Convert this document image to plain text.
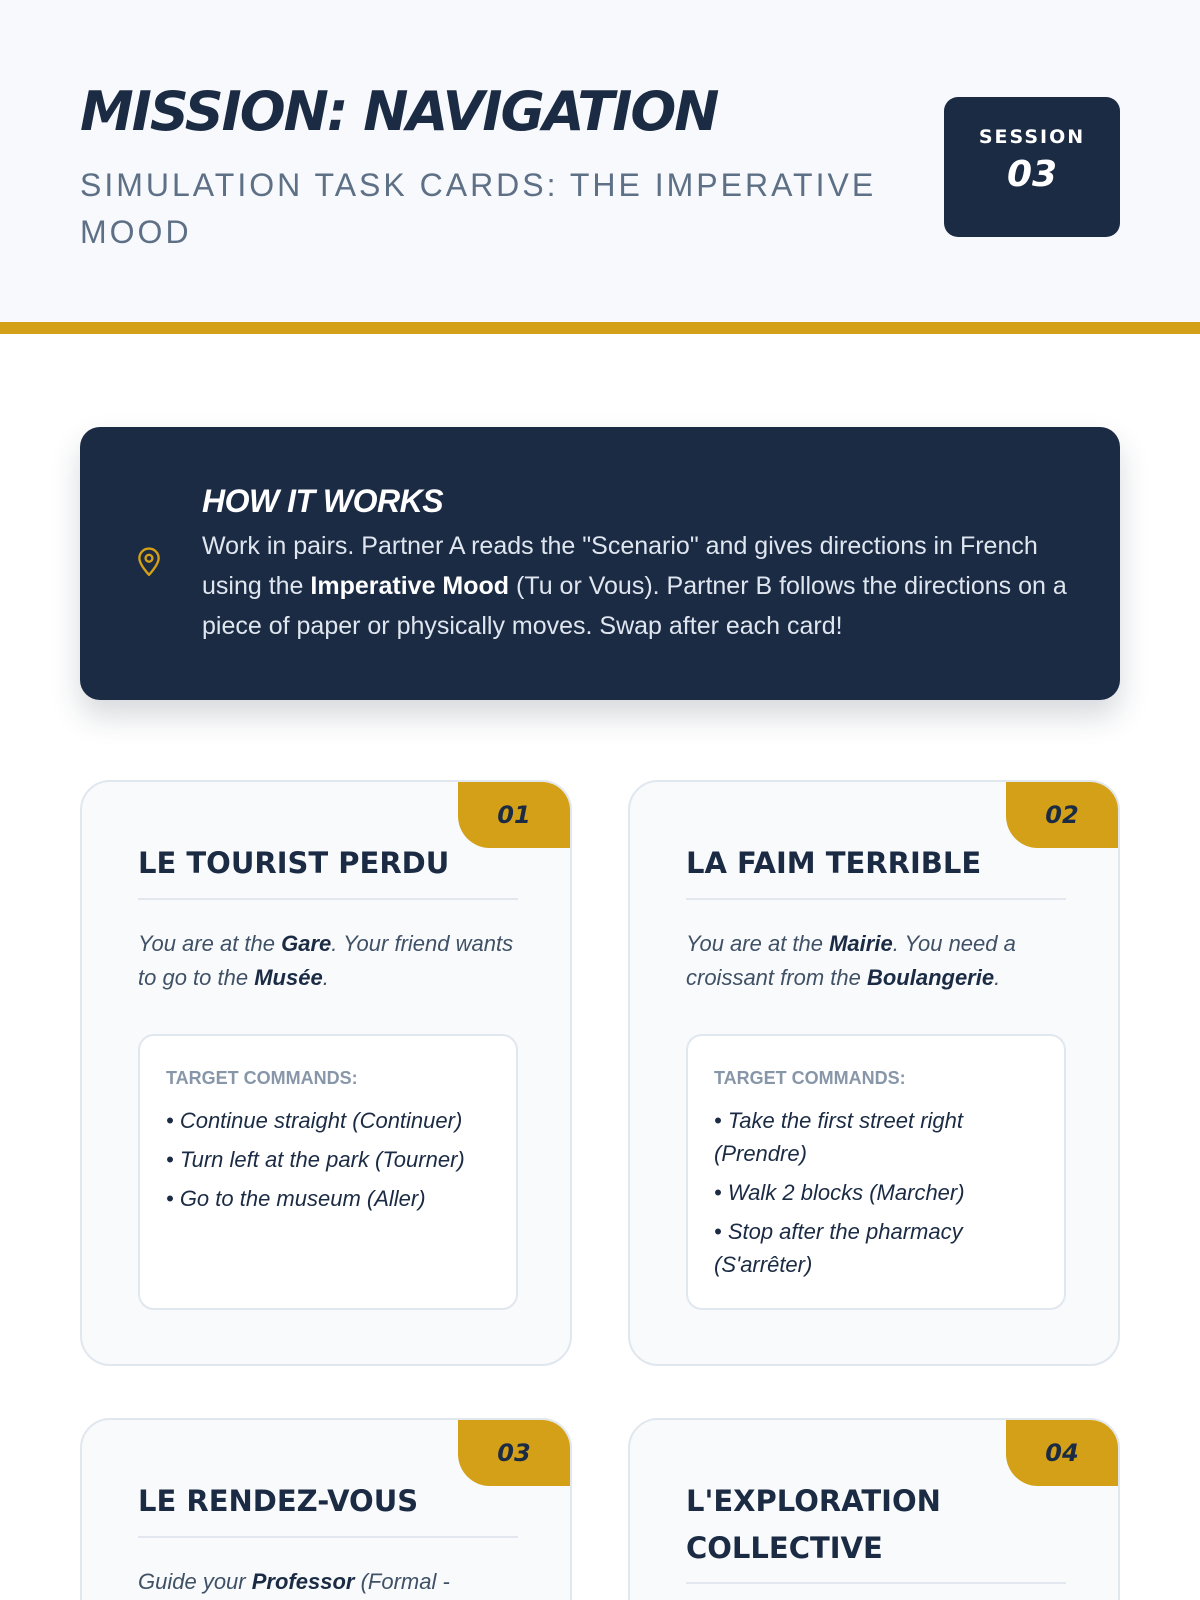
MISSION: NAVIGATION
SIMULATION TASK CARDS: THE IMPERATIVE MOOD
SESSION
03
HOW IT WORKS

Work in pairs. Partner A reads the "Scenario" and gives directions in French using the Imperative Mood (Tu or Vous). Partner B follows the directions on a piece of paper or physically moves. Swap after each card!

01
LE TOURIST PERDU

You are at the Gare. Your friend wants to go to the Musée.

TARGET COMMANDS:
• Continue straight (Continuer)
• Turn left at the park (Tourner)
• Go to the museum (Aller)
02
LA FAIM TERRIBLE

You are at the Mairie. You need a croissant from the Boulangerie.

TARGET COMMANDS:
• Take the first street right (Prendre)
• Walk 2 blocks (Marcher)
• Stop after the pharmacy (S'arrêter)
03
LE RENDEZ-VOUS

Guide your Professor (Formal -

04
L'EXPLORATION COLLECTIVE
